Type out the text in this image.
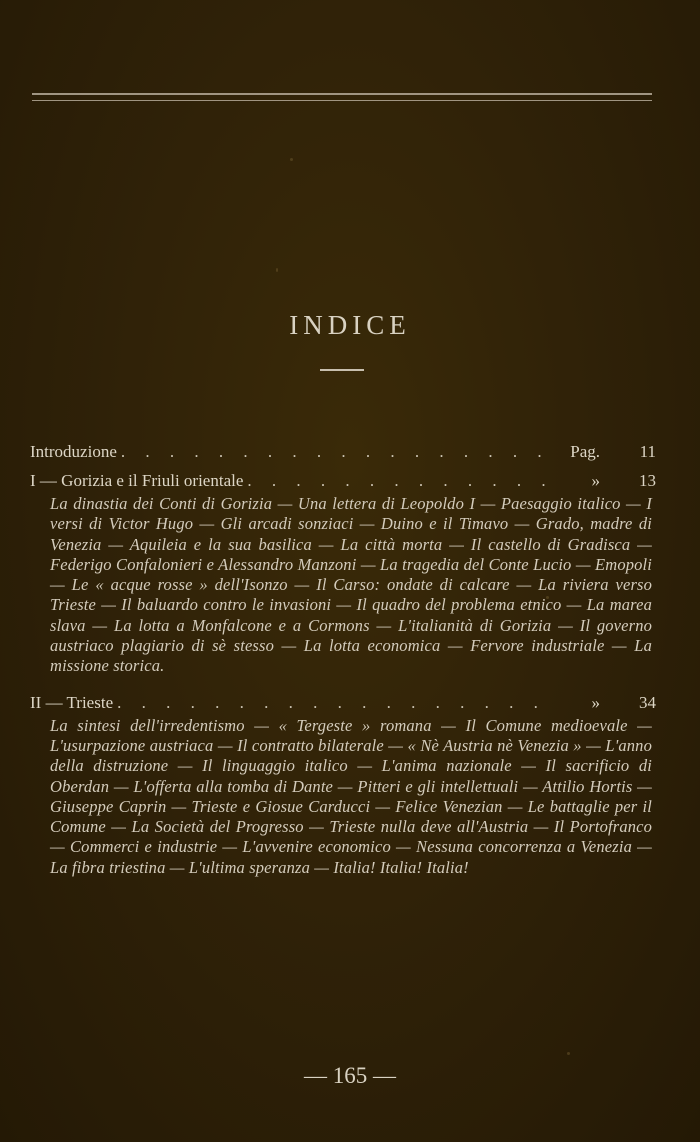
INDICE
Introduzione . . .	Pag.	11
I — Gorizia e il Friuli orientale . . .	»	13
La dinastia dei Conti di Gorizia — Una lettera di Leopoldo I — Paesaggio italico — I versi di Victor Hugo — Gli arcadi sonziaci — Duino e il Timavo — Grado, madre di Venezia — Aquileia e la sua basilica — La città morta — Il castello di Gradisca — Federigo Confalonieri e Alessandro Manzoni — La tragedia del Conte Lucio — Emopoli — Le « acque rosse » dell'Isonzo — Il Carso: ondate di calcare — La riviera verso Trieste — Il baluardo contro le invasioni — Il quadro del problema etnico — La marea slava — La lotta a Monfalcone e a Cormons — L'italianità di Gorizia — Il governo austriaco plagiario di sè stesso — La lotta economica — Fervore industriale — La missione storica.
II — Trieste . . .	»	34
La sintesi dell'irredentismo — « Tergeste » romana — Il Comune medioevale — L'usurpazione austriaca — Il contratto bilaterale — « Nè Austria nè Venezia » — L'anno della distruzione — Il linguaggio italico — L'anima nazionale — Il sacrificio di Oberdan — L'offerta alla tomba di Dante — Pitteri e gli intellettuali — Attilio Hortis — Giuseppe Caprin — Trieste e Giosue Carducci — Felice Venezian — Le battaglie per il Comune — La Società del Progresso — Trieste nulla deve all'Austria — Il Portofranco — Commerci e industrie — L'avvenire economico — Nessuna concorrenza a Venezia — La fibra triestina — L'ultima speranza — Italia! Italia! Italia!
— 165 —
